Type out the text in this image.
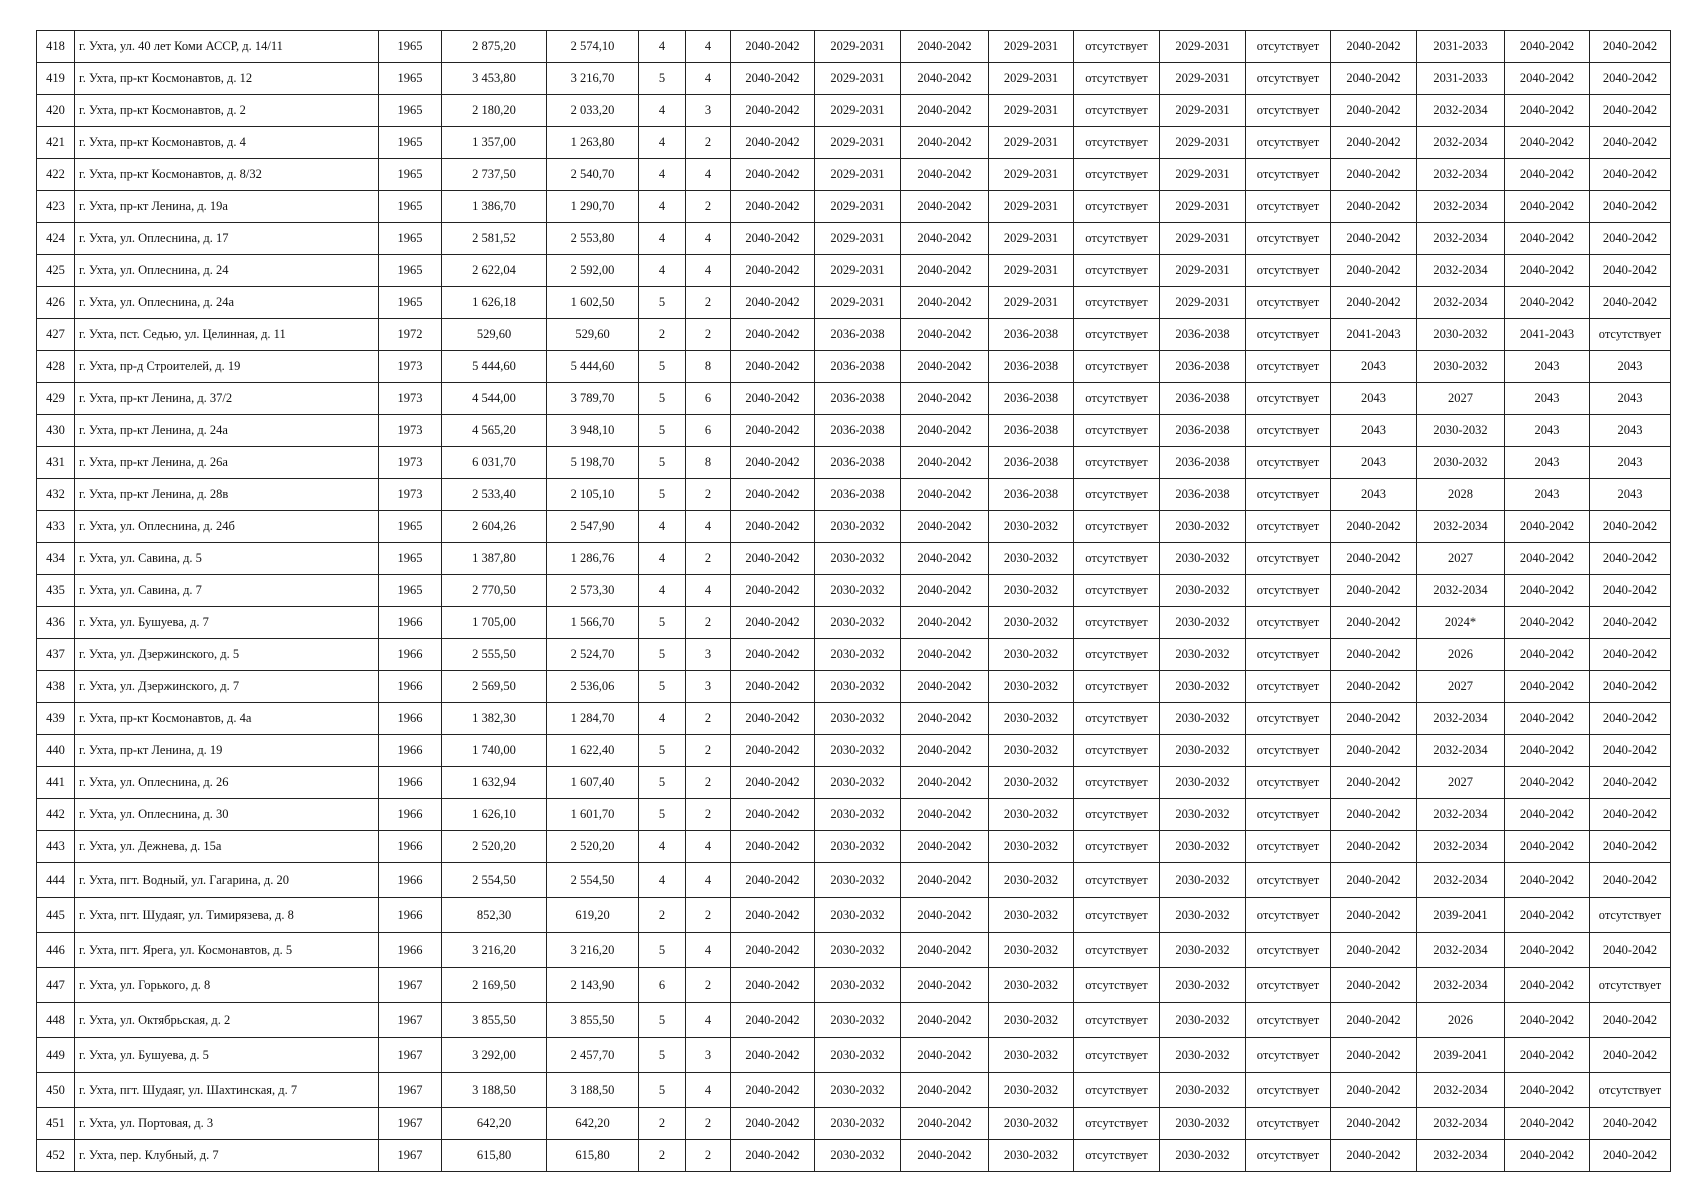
418	г. Ухта, ул. 40 лет Коми АССР, д. 14/11	1965	2 875,20	2 574,10	4	4	2040-2042	2029-2031	2040-2042	2029-2031	отсутствует	2029-2031	отсутствует	2040-2042	2031-2033	2040-2042	2040-2042
419	г. Ухта, пр-кт Космонавтов, д. 12	1965	3 453,80	3 216,70	5	4	2040-2042	2029-2031	2040-2042	2029-2031	отсутствует	2029-2031	отсутствует	2040-2042	2031-2033	2040-2042	2040-2042
420	г. Ухта, пр-кт Космонавтов, д. 2	1965	2 180,20	2 033,20	4	3	2040-2042	2029-2031	2040-2042	2029-2031	отсутствует	2029-2031	отсутствует	2040-2042	2032-2034	2040-2042	2040-2042
421	г. Ухта, пр-кт Космонавтов, д. 4	1965	1 357,00	1 263,80	4	2	2040-2042	2029-2031	2040-2042	2029-2031	отсутствует	2029-2031	отсутствует	2040-2042	2032-2034	2040-2042	2040-2042
422	г. Ухта, пр-кт Космонавтов, д. 8/32	1965	2 737,50	2 540,70	4	4	2040-2042	2029-2031	2040-2042	2029-2031	отсутствует	2029-2031	отсутствует	2040-2042	2032-2034	2040-2042	2040-2042
423	г. Ухта, пр-кт Ленина, д. 19а	1965	1 386,70	1 290,70	4	2	2040-2042	2029-2031	2040-2042	2029-2031	отсутствует	2029-2031	отсутствует	2040-2042	2032-2034	2040-2042	2040-2042
424	г. Ухта, ул. Оплеснина, д. 17	1965	2 581,52	2 553,80	4	4	2040-2042	2029-2031	2040-2042	2029-2031	отсутствует	2029-2031	отсутствует	2040-2042	2032-2034	2040-2042	2040-2042
425	г. Ухта, ул. Оплеснина, д. 24	1965	2 622,04	2 592,00	4	4	2040-2042	2029-2031	2040-2042	2029-2031	отсутствует	2029-2031	отсутствует	2040-2042	2032-2034	2040-2042	2040-2042
426	г. Ухта, ул. Оплеснина, д. 24а	1965	1 626,18	1 602,50	5	2	2040-2042	2029-2031	2040-2042	2029-2031	отсутствует	2029-2031	отсутствует	2040-2042	2032-2034	2040-2042	2040-2042
427	г. Ухта, пст. Седью, ул. Целинная, д. 11	1972	529,60	529,60	2	2	2040-2042	2036-2038	2040-2042	2036-2038	отсутствует	2036-2038	отсутствует	2041-2043	2030-2032	2041-2043	отсутствует
428	г. Ухта, пр-д Строителей, д. 19	1973	5 444,60	5 444,60	5	8	2040-2042	2036-2038	2040-2042	2036-2038	отсутствует	2036-2038	отсутствует	2043	2030-2032	2043	2043
429	г. Ухта, пр-кт Ленина, д. 37/2	1973	4 544,00	3 789,70	5	6	2040-2042	2036-2038	2040-2042	2036-2038	отсутствует	2036-2038	отсутствует	2043	2027	2043	2043
430	г. Ухта, пр-кт Ленина, д. 24а	1973	4 565,20	3 948,10	5	6	2040-2042	2036-2038	2040-2042	2036-2038	отсутствует	2036-2038	отсутствует	2043	2030-2032	2043	2043
431	г. Ухта, пр-кт Ленина, д. 26а	1973	6 031,70	5 198,70	5	8	2040-2042	2036-2038	2040-2042	2036-2038	отсутствует	2036-2038	отсутствует	2043	2030-2032	2043	2043
432	г. Ухта, пр-кт Ленина, д. 28в	1973	2 533,40	2 105,10	5	2	2040-2042	2036-2038	2040-2042	2036-2038	отсутствует	2036-2038	отсутствует	2043	2028	2043	2043
433	г. Ухта, ул. Оплеснина, д. 24б	1965	2 604,26	2 547,90	4	4	2040-2042	2030-2032	2040-2042	2030-2032	отсутствует	2030-2032	отсутствует	2040-2042	2032-2034	2040-2042	2040-2042
434	г. Ухта, ул. Савина, д. 5	1965	1 387,80	1 286,76	4	2	2040-2042	2030-2032	2040-2042	2030-2032	отсутствует	2030-2032	отсутствует	2040-2042	2027	2040-2042	2040-2042
435	г. Ухта, ул. Савина, д. 7	1965	2 770,50	2 573,30	4	4	2040-2042	2030-2032	2040-2042	2030-2032	отсутствует	2030-2032	отсутствует	2040-2042	2032-2034	2040-2042	2040-2042
436	г. Ухта, ул. Бушуева, д. 7	1966	1 705,00	1 566,70	5	2	2040-2042	2030-2032	2040-2042	2030-2032	отсутствует	2030-2032	отсутствует	2040-2042	2024*	2040-2042	2040-2042
437	г. Ухта, ул. Дзержинского, д. 5	1966	2 555,50	2 524,70	5	3	2040-2042	2030-2032	2040-2042	2030-2032	отсутствует	2030-2032	отсутствует	2040-2042	2026	2040-2042	2040-2042
438	г. Ухта, ул. Дзержинского, д. 7	1966	2 569,50	2 536,06	5	3	2040-2042	2030-2032	2040-2042	2030-2032	отсутствует	2030-2032	отсутствует	2040-2042	2027	2040-2042	2040-2042
439	г. Ухта, пр-кт Космонавтов, д. 4а	1966	1 382,30	1 284,70	4	2	2040-2042	2030-2032	2040-2042	2030-2032	отсутствует	2030-2032	отсутствует	2040-2042	2032-2034	2040-2042	2040-2042
440	г. Ухта, пр-кт Ленина, д. 19	1966	1 740,00	1 622,40	5	2	2040-2042	2030-2032	2040-2042	2030-2032	отсутствует	2030-2032	отсутствует	2040-2042	2032-2034	2040-2042	2040-2042
441	г. Ухта, ул. Оплеснина, д. 26	1966	1 632,94	1 607,40	5	2	2040-2042	2030-2032	2040-2042	2030-2032	отсутствует	2030-2032	отсутствует	2040-2042	2027	2040-2042	2040-2042
442	г. Ухта, ул. Оплеснина, д. 30	1966	1 626,10	1 601,70	5	2	2040-2042	2030-2032	2040-2042	2030-2032	отсутствует	2030-2032	отсутствует	2040-2042	2032-2034	2040-2042	2040-2042
443	г. Ухта, ул. Дежнева, д. 15а	1966	2 520,20	2 520,20	4	4	2040-2042	2030-2032	2040-2042	2030-2032	отсутствует	2030-2032	отсутствует	2040-2042	2032-2034	2040-2042	2040-2042
444	г. Ухта, пгт. Водный, ул. Гагарина, д. 20	1966	2 554,50	2 554,50	4	4	2040-2042	2030-2032	2040-2042	2030-2032	отсутствует	2030-2032	отсутствует	2040-2042	2032-2034	2040-2042	2040-2042
445	г. Ухта, пгт. Шудаяг, ул. Тимирязева, д. 8	1966	852,30	619,20	2	2	2040-2042	2030-2032	2040-2042	2030-2032	отсутствует	2030-2032	отсутствует	2040-2042	2039-2041	2040-2042	отсутствует
446	г. Ухта, пгт. Ярега, ул. Космонавтов, д. 5	1966	3 216,20	3 216,20	5	4	2040-2042	2030-2032	2040-2042	2030-2032	отсутствует	2030-2032	отсутствует	2040-2042	2032-2034	2040-2042	2040-2042
447	г. Ухта, ул. Горького, д. 8	1967	2 169,50	2 143,90	6	2	2040-2042	2030-2032	2040-2042	2030-2032	отсутствует	2030-2032	отсутствует	2040-2042	2032-2034	2040-2042	отсутствует
448	г. Ухта, ул. Октябрьская, д. 2	1967	3 855,50	3 855,50	5	4	2040-2042	2030-2032	2040-2042	2030-2032	отсутствует	2030-2032	отсутствует	2040-2042	2026	2040-2042	2040-2042
449	г. Ухта, ул. Бушуева, д. 5	1967	3 292,00	2 457,70	5	3	2040-2042	2030-2032	2040-2042	2030-2032	отсутствует	2030-2032	отсутствует	2040-2042	2039-2041	2040-2042	2040-2042
450	г. Ухта, пгт. Шудаяг, ул. Шахтинская, д. 7	1967	3 188,50	3 188,50	5	4	2040-2042	2030-2032	2040-2042	2030-2032	отсутствует	2030-2032	отсутствует	2040-2042	2032-2034	2040-2042	отсутствует
451	г. Ухта, ул. Портовая, д. 3	1967	642,20	642,20	2	2	2040-2042	2030-2032	2040-2042	2030-2032	отсутствует	2030-2032	отсутствует	2040-2042	2032-2034	2040-2042	2040-2042
452	г. Ухта, пер. Клубный, д. 7	1967	615,80	615,80	2	2	2040-2042	2030-2032	2040-2042	2030-2032	отсутствует	2030-2032	отсутствует	2040-2042	2032-2034	2040-2042	2040-2042
